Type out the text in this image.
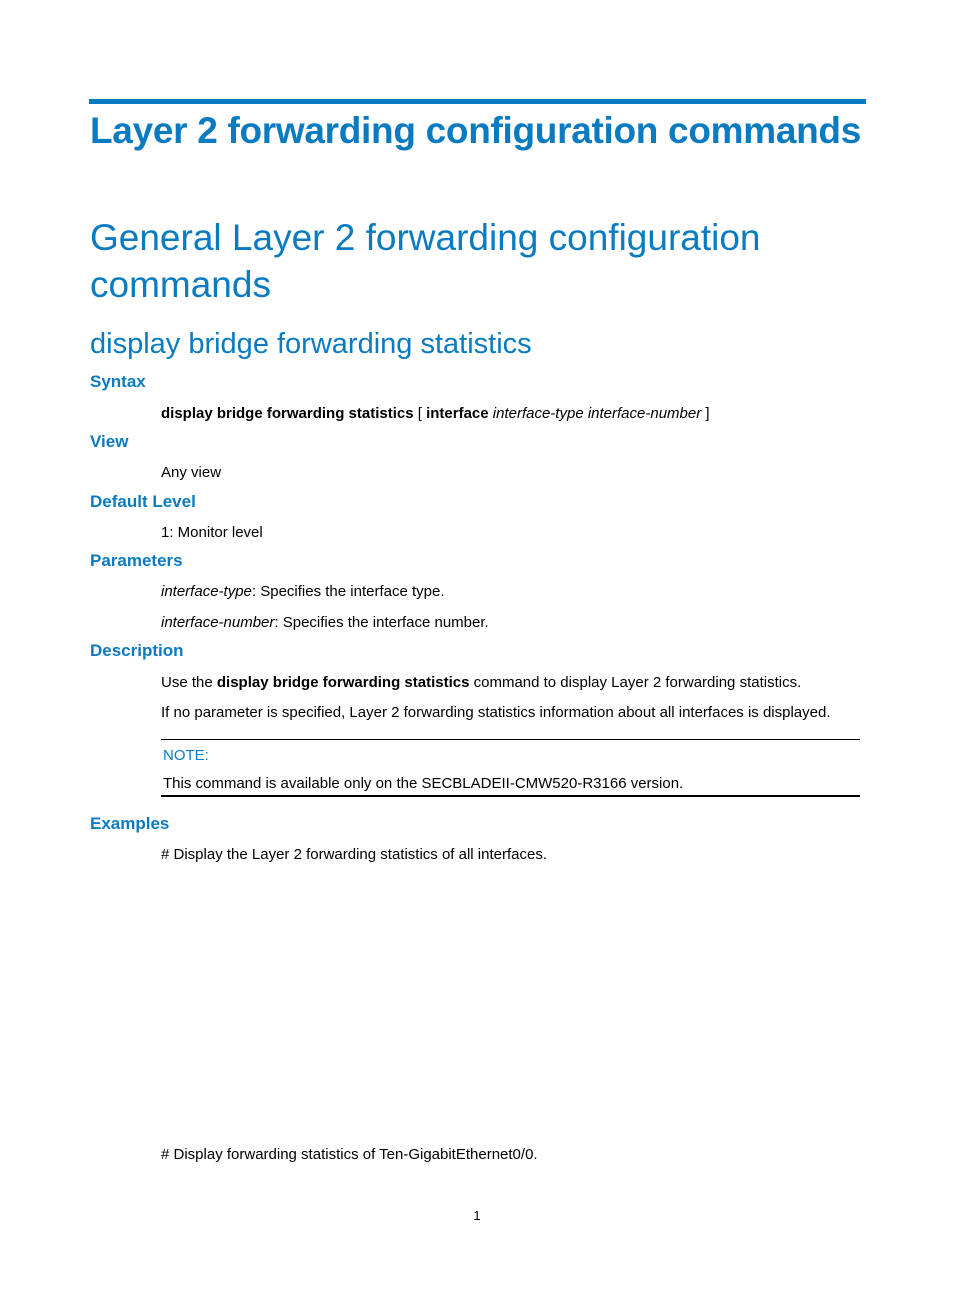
Layer 2 forwarding configuration commands
General Layer 2 forwarding configuration commands
display bridge forwarding statistics
Syntax

display bridge forwarding statistics [ interface interface-type interface-number ]

View

Any view

Default Level

1: Monitor level

Parameters

interface-type: Specifies the interface type.

interface-number: Specifies the interface number.

Description

Use the display bridge forwarding statistics command to display Layer 2 forwarding statistics.

If no parameter is specified, Layer 2 forwarding statistics information about all interfaces is displayed.

NOTE:

This command is available only on the SECBLADEII-CMW520-R3166 version.

Examples

# Display the Layer 2 forwarding statistics of all interfaces.

# Display forwarding statistics of Ten-GigabitEthernet0/0.

1
